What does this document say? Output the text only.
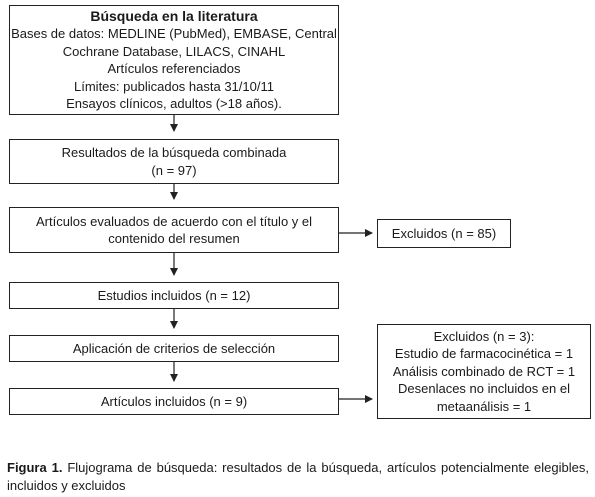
Búsqueda en la literatura
Bases de datos: MEDLINE (PubMed), EMBASE, Central
Cochrane Database, LILACS, CINAHL
Artículos referenciados
Límites: publicados hasta 31/10/11
Ensayos clínicos, adultos (>18 años).
Resultados de la búsqueda combinada
(n = 97)
Artículos evaluados de acuerdo con el título y el
contenido del resumen	Excluidos (n = 85)
Estudios incluidos (n = 12)
Aplicación de criterios de selección
Artículos incluidos (n = 9)
Excluidos (n = 3):
Estudio de farmacocinética = 1
Análisis combinado de RCT = 1
Desenlaces no incluidos en el
metaanálisis = 1
Figura 1. Flujograma de búsqueda: resultados de la búsqueda, artículos potencialmente elegibles, incluidos y excluidos
